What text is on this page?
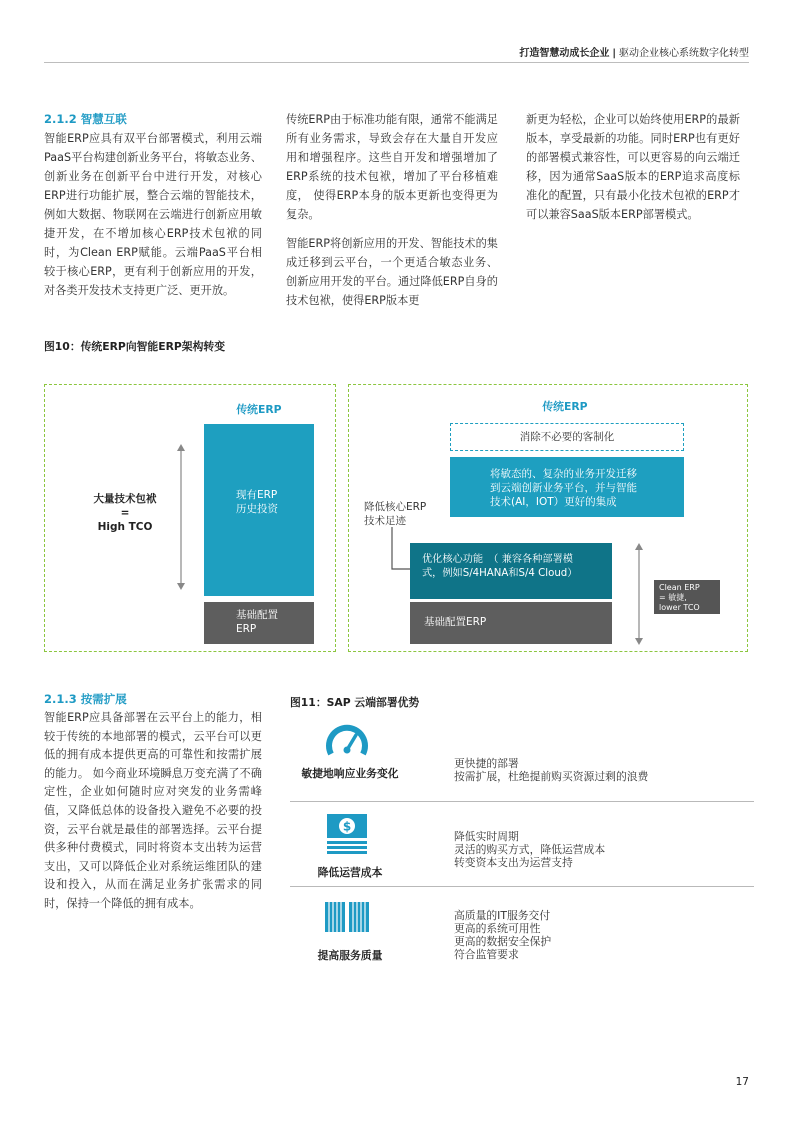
打造智慧动成长企业 | 驱动企业核心系统数字化转型
2.1.2 智慧互联

智能ERP应具有双平台部署模式，利用云端PaaS平台构建创新业务平台，将敏态业务、创新业务在创新平台中进行开发，对核心ERP进行功能扩展，整合云端的智能技术，例如大数据、物联网在云端进行创新应用敏捷开发，在不增加核心ERP技术包袱的同时，为Clean ERP赋能。云端PaaS平台相较于核心ERP，更有利于创新应用的开发，对各类开发技术支持更广泛、更开放。

传统ERP由于标准功能有限，通常不能满足所有业务需求，导致会存在大量自开发应用和增强程序。这些自开发和增强增加了ERP系统的技术包袱，增加了平台移植难度， 使得ERP本身的版本更新也变得更为复杂。

智能ERP将创新应用的开发、智能技术的集成迁移到云平台，一个更适合敏态业务、创新应用开发的平台。通过降低ERP自身的技术包袱，使得ERP版本更

新更为轻松，企业可以始终使用ERP的最新版本，享受最新的功能。同时ERP也有更好的部署模式兼容性，可以更容易的向云端迁移，因为通常SaaS版本的ERP追求高度标准化的配置，只有最小化技术包袱的ERP才可以兼容SaaS版本ERP部署模式。

图10：传统ERP向智能ERP架构转变
传统ERP
大量技术包袱
=
High TCO
现有ERP
历史投资
基础配置
ERP
传统ERP
消除不必要的客制化
将敏态的、复杂的业务开发迁移
到云端创新业务平台，并与智能
技术(AI，IOT）更好的集成
降低核心ERP
技术足迹
优化核心功能　（ 兼容各种部署模
式，例如S/4HANA和S/4 Cloud）
基础配置ERP
Clean ERP
= 敏捷,
lower TCO
2.1.3 按需扩展

智能ERP应具备部署在云平台上的能力，相较于传统的本地部署的模式，云平台可以更低的拥有成本提供更高的可靠性和按需扩展的能力。 如今商业环境瞬息万变充满了不确定性，企业如何随时应对突发的业务需峰值，又降低总体的设备投入避免不必要的投资，云平台就是最佳的部署选择。云平台提供多种付费模式，同时将资本支出转为运营支出，又可以降低企业对系统运维团队的建设和投入，从而在满足业务扩张需求的同时，保持一个降低的拥有成本。

图11：SAP 云端部署优势
敏捷地响应业务变化
更快捷的部署
按需扩展，杜绝提前购买资源过剩的浪费
$
降低运营成本
降低实时周期
灵活的购买方式，降低运营成本
转变资本支出为运营支持
提高服务质量
高质量的IT服务交付
更高的系统可用性
更高的数据安全保护
符合监管要求
17
